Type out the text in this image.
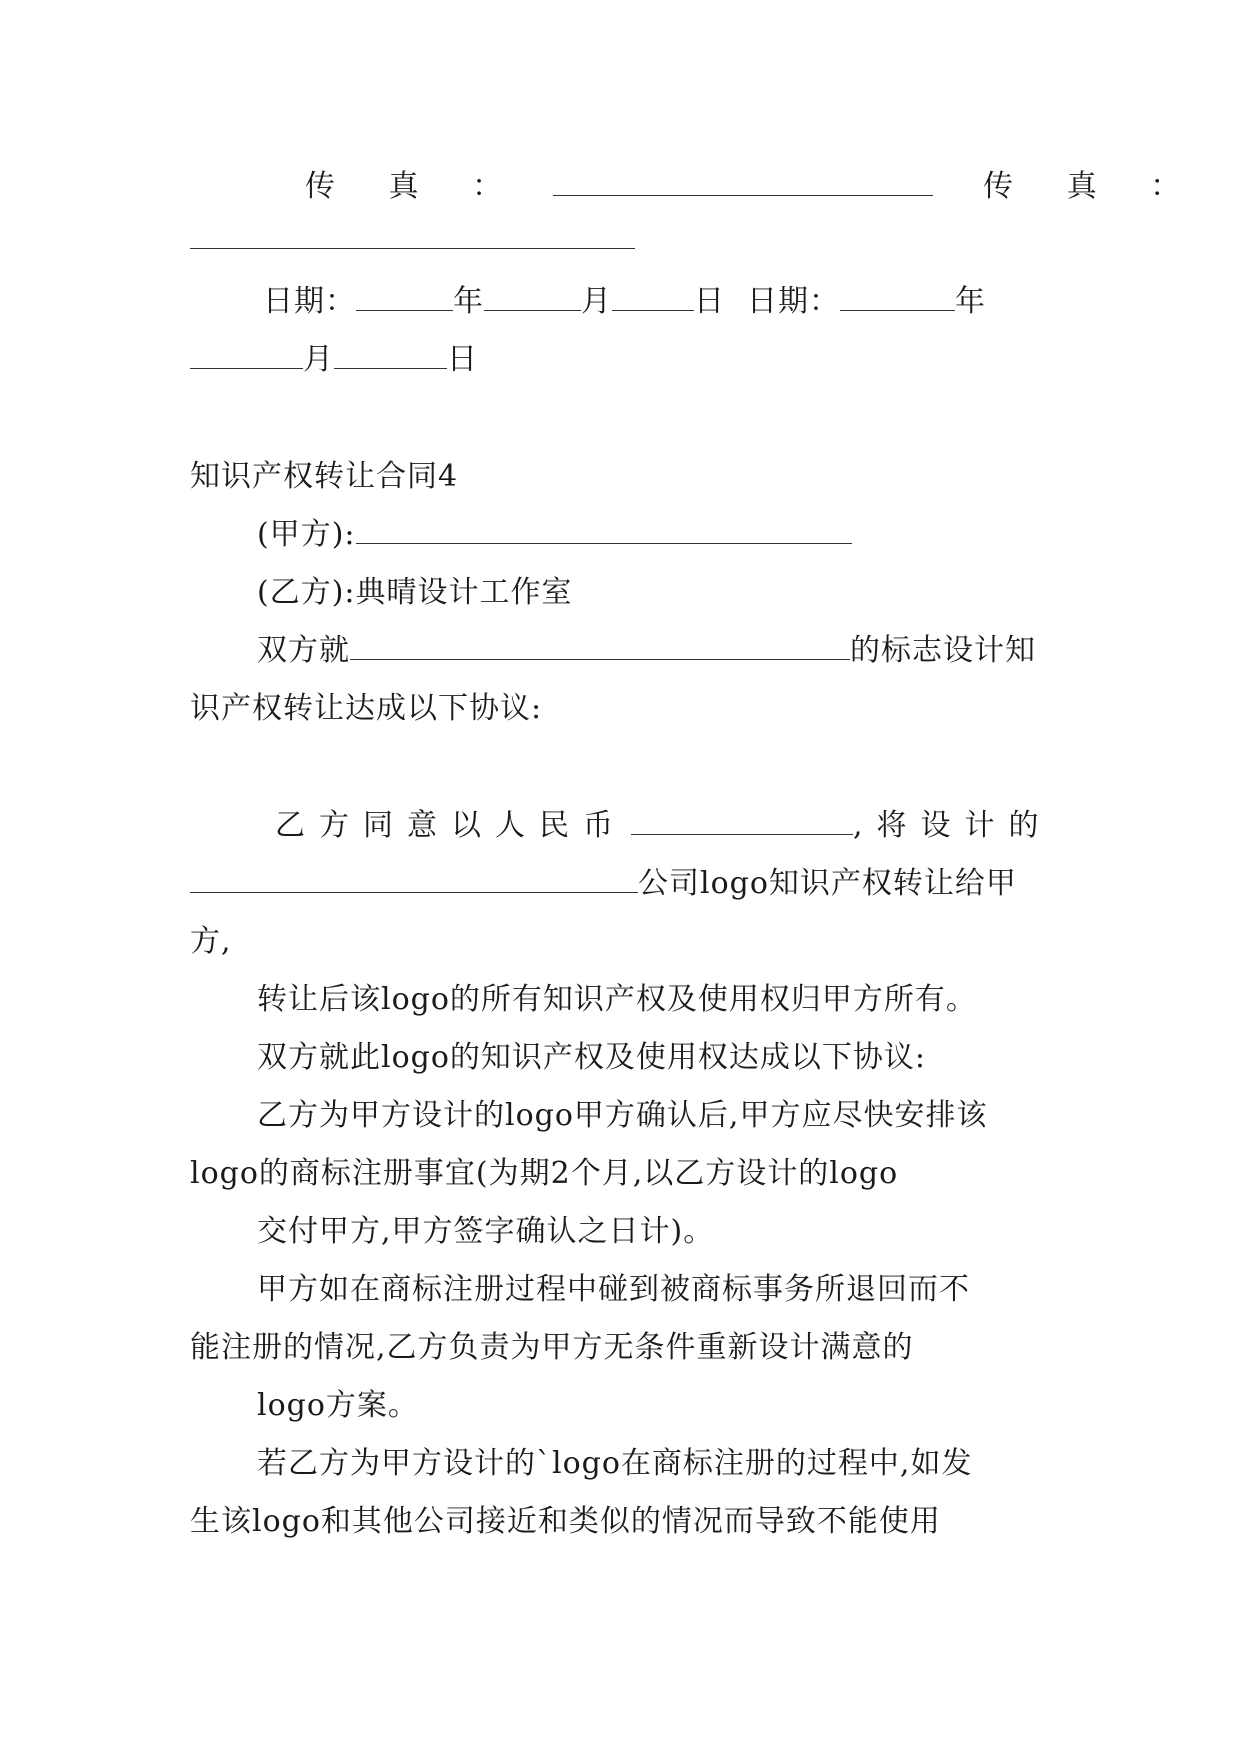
传 真 ：	传 真 ：
日期：	年	月	日 日期：	年
月	日
知识产权转让合同4
(甲方):
(乙方):典晴设计工作室
双方就	的标志设计知
识产权转让达成以下协议:
乙方同意以人民币	,将设计的
公司logo知识产权转让给甲
方,
转让后该logo的所有知识产权及使用权归甲方所有。
双方就此logo的知识产权及使用权达成以下协议:
乙方为甲方设计的logo甲方确认后,甲方应尽快安排该
logo的商标注册事宜(为期2个月,以乙方设计的logo
交付甲方,甲方签字确认之日计)。
甲方如在商标注册过程中碰到被商标事务所退回而不
能注册的情况,乙方负责为甲方无条件重新设计满意的
logo方案。
若乙方为甲方设计的`logo在商标注册的过程中,如发
生该logo和其他公司接近和类似的情况而导致不能使用
